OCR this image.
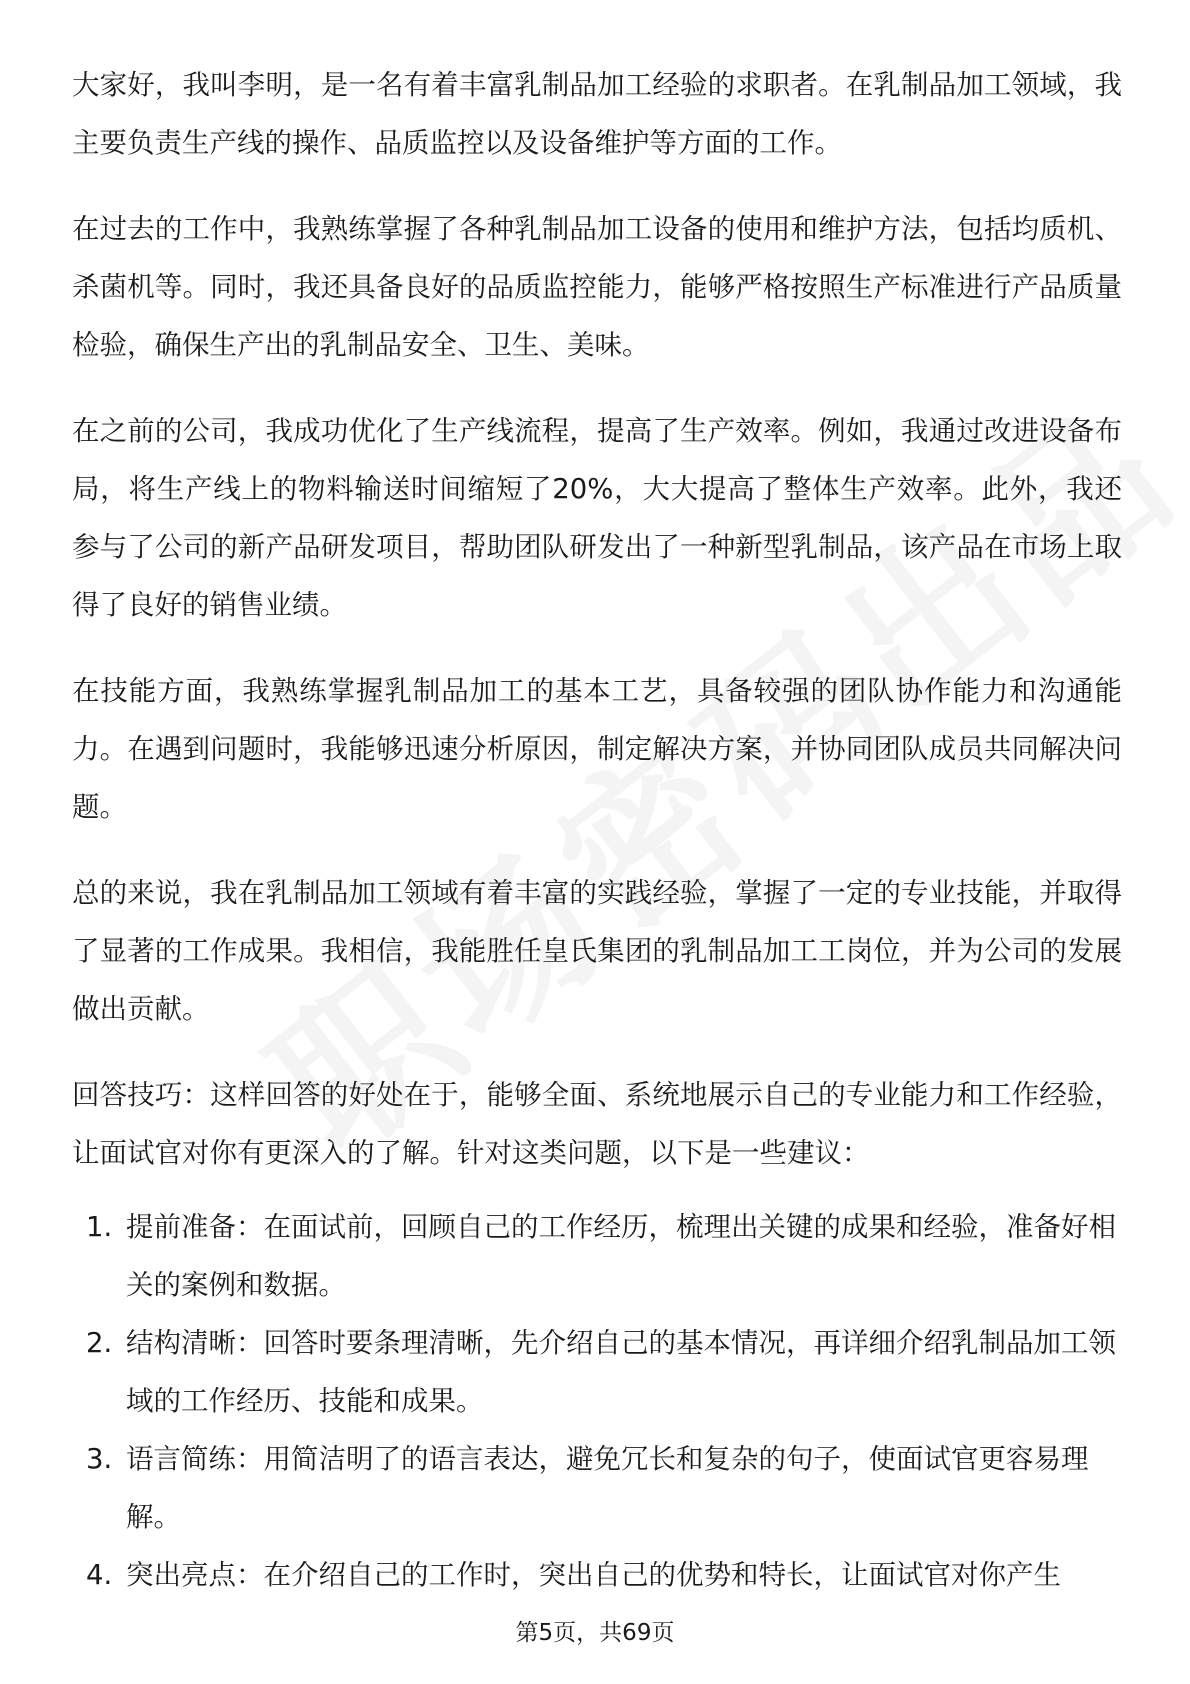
大家好，我叫李明，是一名有着丰富乳制品加工经验的求职者。在乳制品加工领域，我主要负责生产线的操作、品质监控以及设备维护等方面的工作。

在过去的工作中，我熟练掌握了各种乳制品加工设备的使用和维护方法，包括均质机、杀菌机等。同时，我还具备良好的品质监控能力，能够严格按照生产标准进行产品质量检验，确保生产出的乳制品安全、卫生、美味。

在之前的公司，我成功优化了生产线流程，提高了生产效率。例如，我通过改进设备布局，将生产线上的物料输送时间缩短了20%，大大提高了整体生产效率。此外，我还参与了公司的新产品研发项目，帮助团队研发出了一种新型乳制品，该产品在市场上取得了良好的销售业绩。

在技能方面，我熟练掌握乳制品加工的基本工艺，具备较强的团队协作能力和沟通能力。在遇到问题时，我能够迅速分析原因，制定解决方案，并协同团队成员共同解决问题。

总的来说，我在乳制品加工领域有着丰富的实践经验，掌握了一定的专业技能，并取得了显著的工作成果。我相信，我能胜任皇氏集团的乳制品加工工岗位，并为公司的发展做出贡献。

回答技巧：这样回答的好处在于，能够全面、系统地展示自己的专业能力和工作经验，让面试官对你有更深入的了解。针对这类问题，以下是一些建议：

1. 提前准备：在面试前，回顾自己的工作经历，梳理出关键的成果和经验，准备好相关的案例和数据。
2. 结构清晰：回答时要条理清晰，先介绍自己的基本情况，再详细介绍乳制品加工领域的工作经历、技能和成果。
3. 语言简练：用简洁明了的语言表达，避免冗长和复杂的句子，使面试官更容易理解。
4. 突出亮点：在介绍自己的工作时，突出自己的优势和特长，让面试官对你产生
第5页，共69页
